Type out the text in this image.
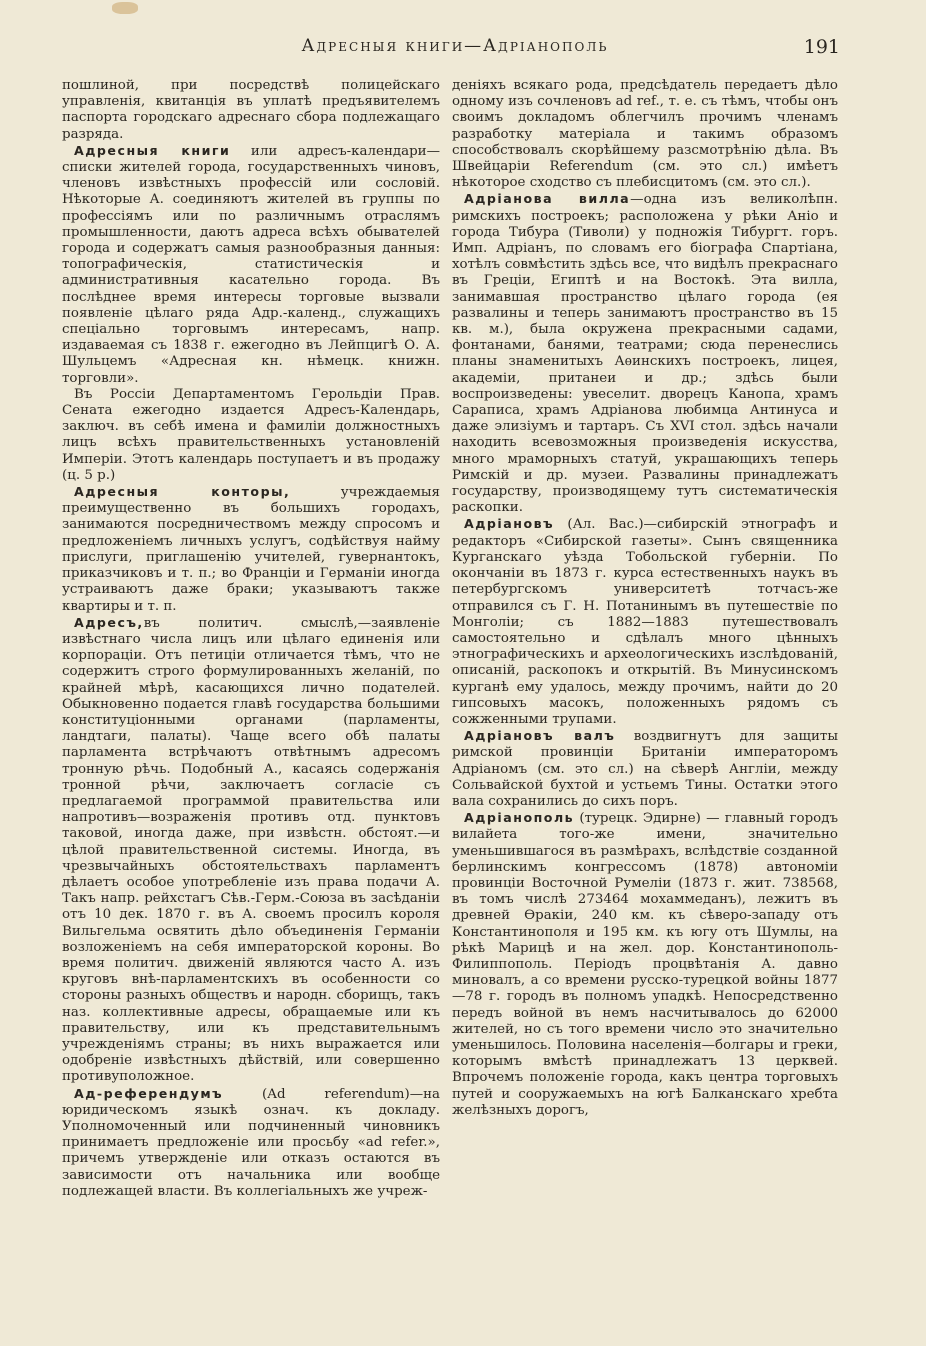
Адресныя книги—Адріанополь	191

пошлиной, при посредствѣ полицейскаго управленія, квитанція въ уплатѣ предъявителемъ паспорта городскаго адреснаго сбора подлежащаго разряда.

Адресныя книги или адресъ-календари—списки жителей города, государственныхъ чиновъ, членовъ извѣстныхъ профессій или сословій. Нѣкоторые А. соединяютъ жителей въ группы по профессіямъ или по различнымъ отраслямъ промышленности, даютъ адреса всѣхъ обывателей города и содержатъ самыя разнообразныя данныя: топографическія, статистическія и административныя касательно города. Въ послѣднее время интересы торговые вызвали появленіе цѣлаго ряда Адр.-календ., служащихъ спеціально торговымъ интересамъ, напр. издаваемая съ 1838 г. ежегодно въ Лейпцигѣ О. А. Шульцемъ «Адресная кн. нѣмецк. книжн. торговли».

Въ Россіи Департаментомъ Герольдіи Прав. Сената ежегодно издается Адресъ-Календарь, заключ. въ себѣ имена и фамиліи должностныхъ лицъ всѣхъ правительственныхъ установленій Имперіи. Этотъ календарь поступаетъ и въ продажу (ц. 5 р.)

Адресныя конторы, учреждаемыя преимущественно въ большихъ городахъ, занимаются посредничествомъ между спросомъ и предложеніемъ личныхъ услугъ, содѣйствуя найму прислуги, приглашенію учителей, гувернантокъ, приказчиковъ и т. п.; во Франціи и Германіи иногда устраиваютъ даже браки; указываютъ также квартиры и т. п.

Адресъ,въ политич. смыслѣ,—заявленіе извѣстнаго числа лицъ или цѣлаго единенія или корпораціи. Отъ петиціи отличается тѣмъ, что не содержитъ строго формулированныхъ желаній, по крайней мѣрѣ, касающихся лично подателей. Обыкновенно подается главѣ государства большими конституціонными органами (парламенты, ландтаги, палаты). Чаще всего обѣ палаты парламента встрѣчаютъ отвѣтнымъ адресомъ тронную рѣчь. Подобный А., касаясь содержанія тронной рѣчи, заключаетъ согласіе съ предлагаемой программой правительства или напротивъ—возраженія противъ отд. пунктовъ таковой, иногда даже, при извѣстн. обстоят.—и цѣлой правительственной системы. Иногда, въ чрезвычайныхъ обстоятельствахъ парламентъ дѣлаетъ особое употребленіе изъ права подачи А. Такъ напр. рейхстагъ Сѣв.-Герм.-Союза въ засѣданіи отъ 10 дек. 1870 г. въ А. своемъ просилъ короля Вильгельма освятить дѣло объединенія Германіи возложеніемъ на себя императорской короны. Во время политич. движеній являются часто А. изъ круговъ внѣ-парламентскихъ въ особенности со стороны разныхъ обществъ и народн. сборищъ, такъ наз. коллективные адресы, обращаемые или къ правительству, или къ представительнымъ учрежденіямъ страны; въ нихъ выражается или одобреніе извѣстныхъ дѣйствій, или совершенно противуположное.

Ад-референдумъ (Ad referendum)—на юридическомъ языкѣ означ. къ докладу. Уполномоченный или подчиненный чиновникъ принимаетъ предложеніе или просьбу «ad refer.», причемъ утвержденіе или отказъ остаются въ зависимости отъ начальника или вообще подлежащей власти. Въ коллегіальныхъ же учреж-

деніяхъ всякаго рода, предсѣдатель передаетъ дѣло одному изъ сочленовъ ad ref., т. е. съ тѣмъ, чтобы онъ своимъ докладомъ облегчилъ прочимъ членамъ разработку матеріала и такимъ образомъ способствовалъ скорѣйшему разсмотрѣнію дѣла. Въ Швейцаріи Referendum (см. это сл.) имѣетъ нѣкоторое сходство съ плебисцитомъ (см. это сл.).

Адріанова вилла—одна изъ великолѣпн. римскихъ построекъ; расположена у рѣки Аніо и города Тибура (Тиволи) у подножія Тибургт. горъ. Имп. Адріанъ, по словамъ его біографа Спартіана, хотѣлъ совмѣстить здѣсь все, что видѣлъ прекраснаго въ Греціи, Египтѣ и на Востокѣ. Эта вилла, занимавшая пространство цѣлаго города (ея развалины и теперь занимаютъ пространство въ 15 кв. м.), была окружена прекрасными садами, фонтанами, банями, театрами; сюда перенеслись планы знаменитыхъ Аѳинскихъ построекъ, лицея, академіи, пританеи и др.; здѣсь были воспроизведены: увеселит. дворецъ Канопа, храмъ Сараписа, храмъ Адріанова любимца Антинуса и даже элизіумъ и тартаръ. Съ XVI стол. здѣсь начали находить всевозможныя произведенія искусства, много мраморныхъ статуй, украшающихъ теперь Римскій и др. музеи. Развалины принадлежатъ государству, производящему тутъ систематическія раскопки.

Адріановъ (Ал. Вас.)—сибирскій этнографъ и редакторъ «Сибирской газеты». Сынъ священника Курганскаго уѣзда Тобольской губерніи. По окончаніи въ 1873 г. курса естественныхъ наукъ въ петербургскомъ университетѣ тотчасъ-же отправился съ Г. Н. Потанинымъ въ путешествіе по Монголіи; съ 1882—1883 путешествовалъ самостоятельно и сдѣлалъ много цѣнныхъ этнографическихъ и археологическихъ изслѣдованій, описаній, раскопокъ и открытій. Въ Минусинскомъ курганѣ ему удалось, между прочимъ, найти до 20 гипсовыхъ масокъ, положенныхъ рядомъ съ сожженными трупами.

Адріановъ валъ воздвигнутъ для защиты римской провинціи Британіи императоромъ Адріаномъ (см. это сл.) на сѣверѣ Англіи, между Сольвайской бухтой и устьемъ Тины. Остатки этого вала сохранились до сихъ поръ.

Адріанополь (турецк. Эдирне) — главный городъ вилайета того-же имени, значительно уменьшившагося въ размѣрахъ, вслѣдствіе созданной берлинскимъ конгрессомъ (1878) автономіи провинціи Восточной Румеліи (1873 г. жит. 738568, въ томъ числѣ 273464 мохаммеданъ), лежитъ въ древней Ѳракіи, 240 км. къ сѣверо-западу отъ Константинополя и 195 км. къ югу отъ Шумлы, на рѣкѣ Марицѣ и на жел. дор. Константинополь-Филиппополь. Періодъ процвѣтанія А. давно миновалъ, а со времени русско-турецкой войны 1877—78 г. городъ въ полномъ упадкѣ. Непосредственно передъ войной въ немъ насчитывалось до 62000 жителей, но съ того времени число это значительно уменьшилось. Половина населенія—болгары и греки, которымъ вмѣстѣ принадлежатъ 13 церквей. Впрочемъ положеніе города, какъ центра торговыхъ путей и сооружаемыхъ на югѣ Балканскаго хребта желѣзныхъ дорогъ,
